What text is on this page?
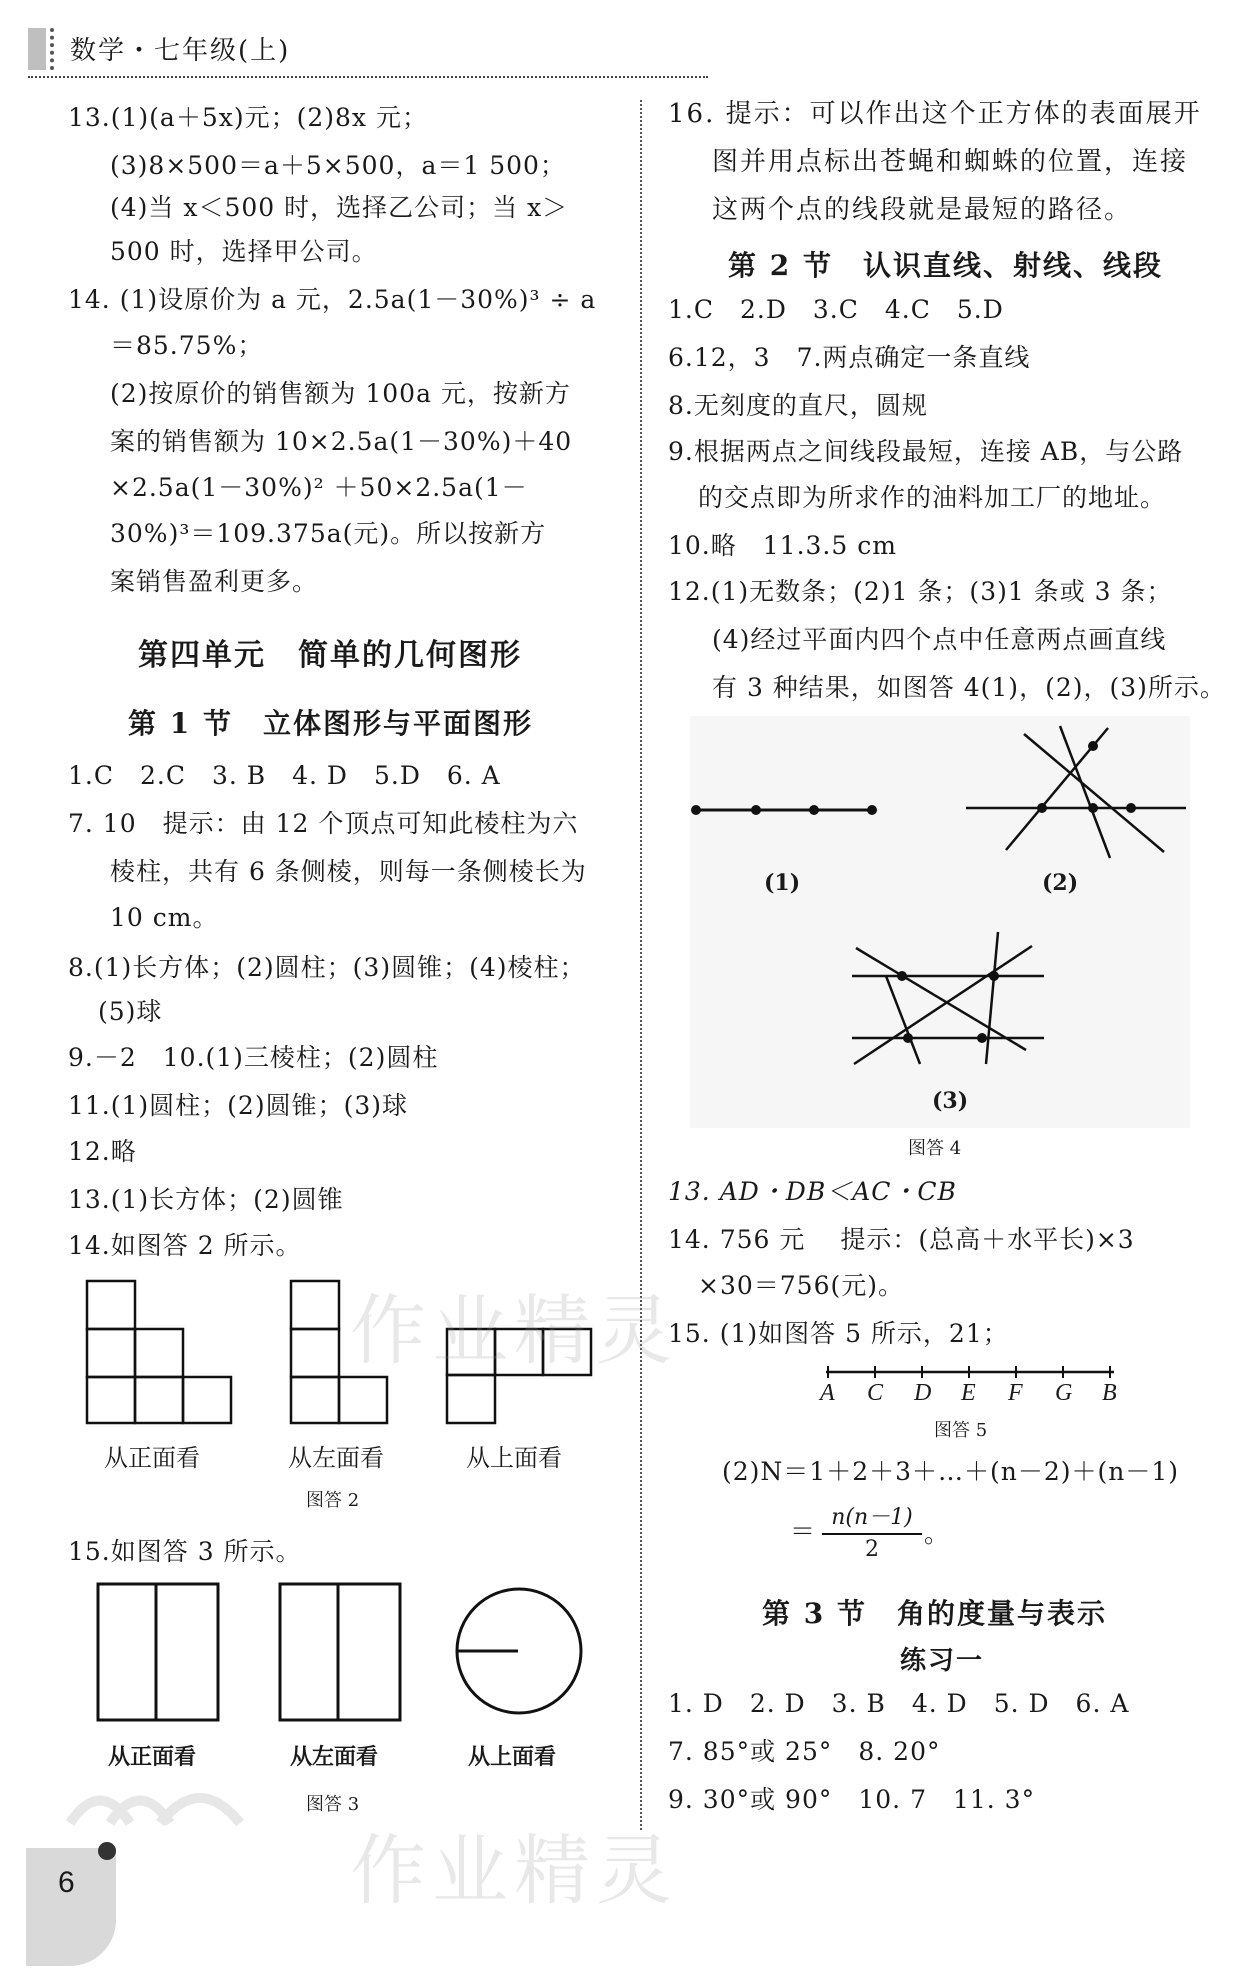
数学・七年级(上)
13.(1)(a＋5x)元；(2)8x 元；
(3)8×500＝a＋5×500，a＝1 500；
(4)当 x＜500 时，选择乙公司；当 x＞
500 时，选择甲公司。
14. (1)设原价为 a 元，2.5a(1－30%)³ ÷ a
＝85.75%；
(2)按原价的销售额为 100a 元，按新方
案的销售额为 10×2.5a(1－30%)＋40
×2.5a(1－30%)² ＋50×2.5a(1－
30%)³＝109.375a(元)。所以按新方
案销售盈利更多。
第四单元　简单的几何图形
第 1 节　立体图形与平面图形
1.C　2.C　3. B　4. D　5.D　6. A
7. 10　提示：由 12 个顶点可知此棱柱为六
棱柱，共有 6 条侧棱，则每一条侧棱长为
10 cm。
8.(1)长方体；(2)圆柱；(3)圆锥；(4)棱柱；
(5)球
9.－2　10.(1)三棱柱；(2)圆柱
11.(1)圆柱；(2)圆锥；(3)球
12.略
13.(1)长方体；(2)圆锥
14.如图答 2 所示。
从正面看	从左面看	从上面看
图答 2
15.如图答 3 所示。
从正面看	从左面看	从上面看
图答 3
作业精灵
作业精灵
6
16. 提示：可以作出这个正方体的表面展开
图并用点标出苍蝇和蜘蛛的位置，连接
这两个点的线段就是最短的路径。
第 2 节　认识直线、射线、线段
1.C　2.D　3.C　4.C　5.D
6.12，3　7.两点确定一条直线
8.无刻度的直尺，圆规
9.根据两点之间线段最短，连接 AB，与公路
的交点即为所求作的油料加工厂的地址。
10.略　11.3.5 cm
12.(1)无数条；(2)1 条；(3)1 条或 3 条；
(4)经过平面内四个点中任意两点画直线
有 3 种结果，如图答 4(1)，(2)，(3)所示。
(1)	(2)
(3)
图答 4
13. AD・DB＜AC・CB
14. 756 元　 提示：(总高＋水平长)×3
×30＝756(元)。
15. (1)如图答 5 所示，21；
A C D E F G B
图答 5
(2)N＝1＋2＋3＋…＋(n－2)＋(n－1)
＝ $\frac{n(n-1)}{2}$ 。
第 3 节　角的度量与表示
练习一
1. D　2. D　3. B　4. D　5. D　6. A
7. 85°或 25°　8. 20°
9. 30°或 90°　10. 7　11. 3°
